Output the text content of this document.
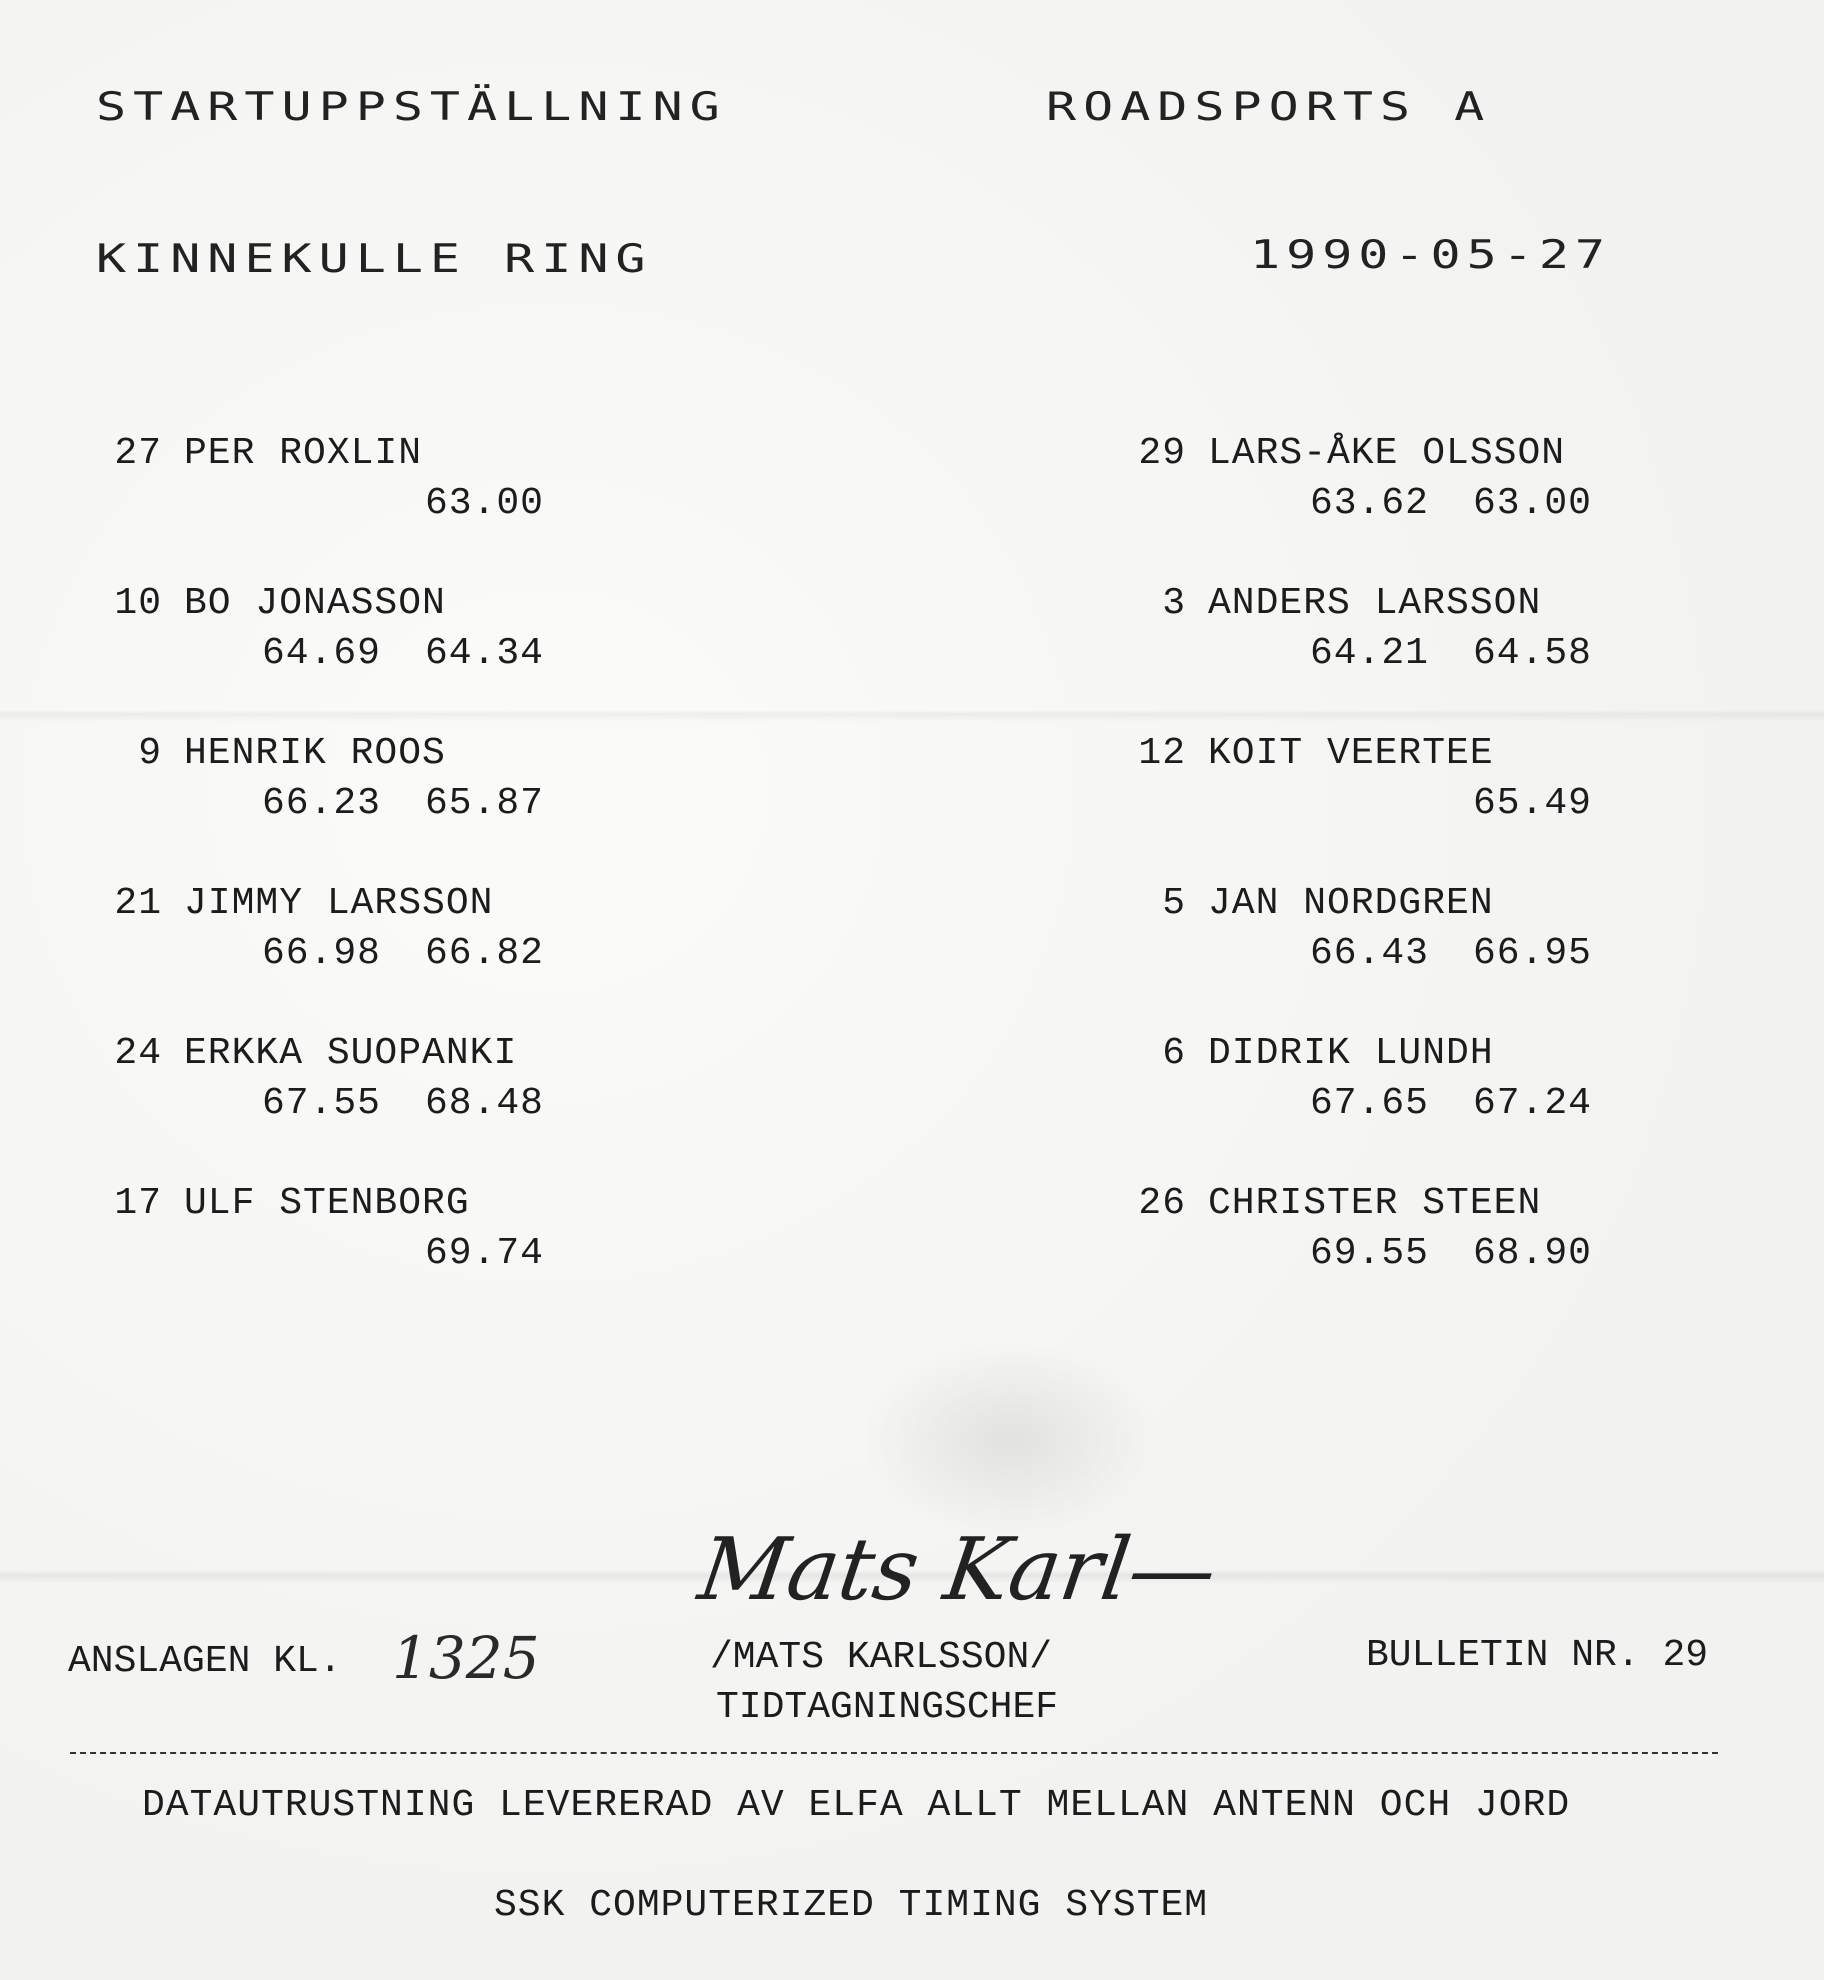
STARTUPPSTÄLLNING	ROADSPORTS A
KINNEKULLE RING	1990-05-27
27 PER ROXLIN
63.00
10 BO JONASSON
64.69 64.34
9 HENRIK ROOS
66.23 65.87
21 JIMMY LARSSON
66.98 66.82
24 ERKKA SUOPANKI
67.55 68.48
17 ULF STENBORG
69.74
29 LARS-ÅKE OLSSON
63.62 63.00
3 ANDERS LARSSON
64.21 64.58
12 KOIT VEERTEE
65.49
5 JAN NORDGREN
66.43 66.95
6 DIDRIK LUNDH
67.65 67.24
26 CHRISTER STEEN
69.55 68.90
Mats Karl—
ANSLAGEN KL. 1325	/MATS KARLSSON/
TIDTAGNINGSCHEF
BULLETIN NR. 29
DATAUTRUSTNING LEVERERAD AV ELFA ALLT MELLAN ANTENN OCH JORD
SSK COMPUTERIZED TIMING SYSTEM
